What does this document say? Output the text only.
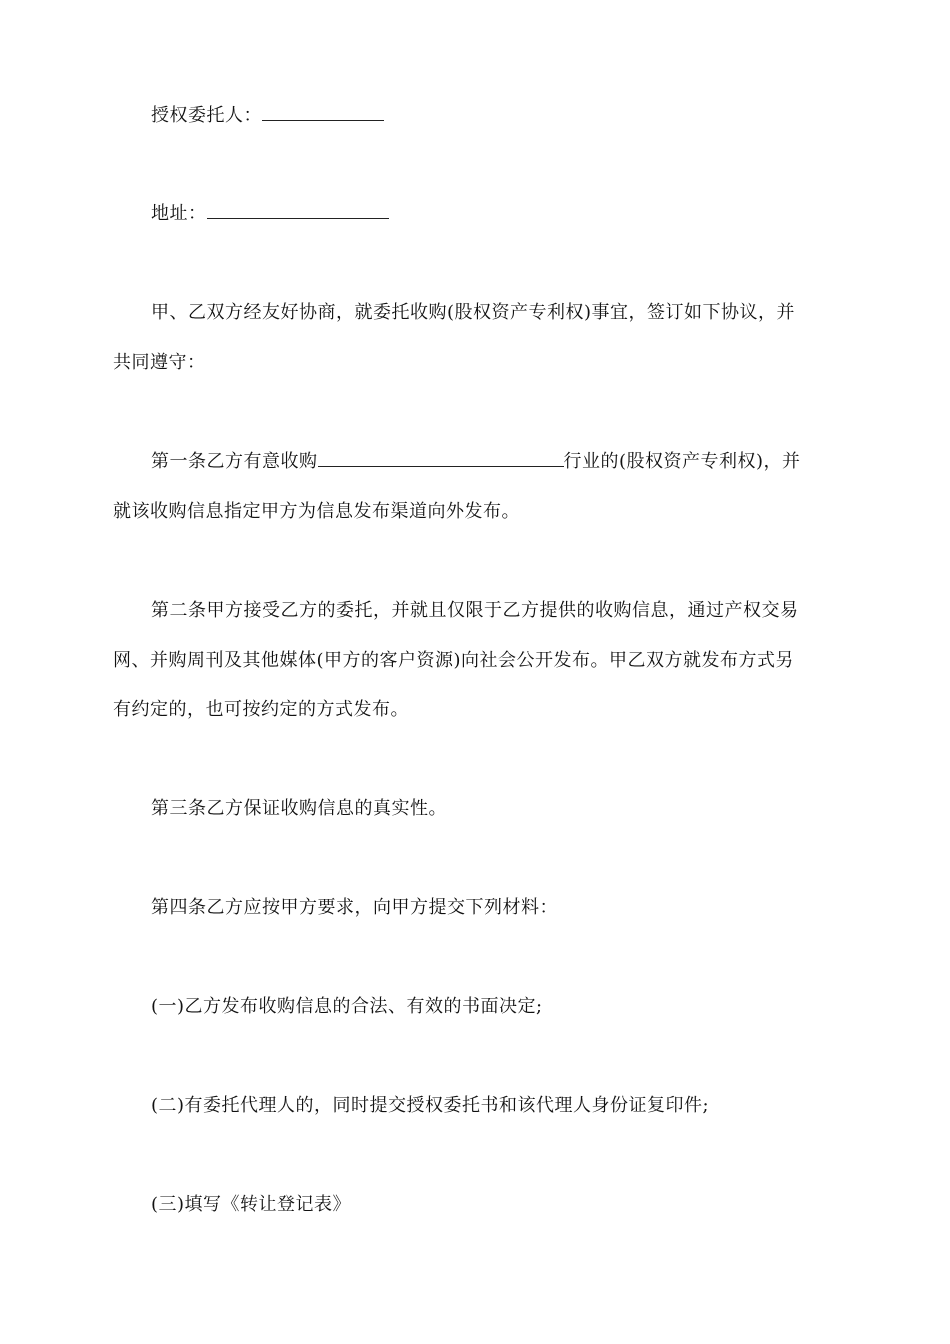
授权委托人：
地址：
甲、乙双方经友好协商，就委托收购(股权资产专利权)事宜，签订如下协议，并
共同遵守：
第一条乙方有意收购	行业的(股权资产专利权)，并
就该收购信息指定甲方为信息发布渠道向外发布。
第二条甲方接受乙方的委托，并就且仅限于乙方提供的收购信息，通过产权交易
网、并购周刊及其他媒体(甲方的客户资源)向社会公开发布。甲乙双方就发布方式另
有约定的，也可按约定的方式发布。
第三条乙方保证收购信息的真实性。
第四条乙方应按甲方要求，向甲方提交下列材料：
(一)乙方发布收购信息的合法、有效的书面决定;
(二)有委托代理人的，同时提交授权委托书和该代理人身份证复印件;
(三)填写《转让登记表》
